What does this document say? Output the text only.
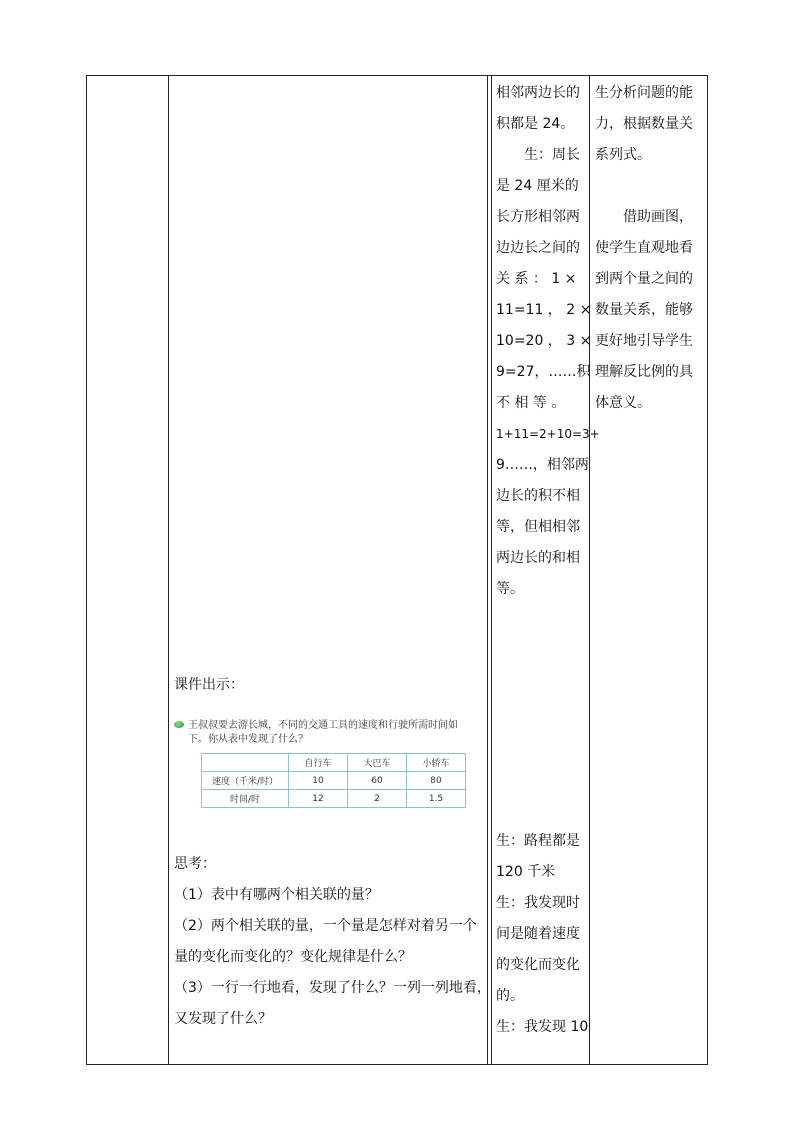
相邻两边长的
积都是 24。
生：周长
是 24 厘米的
长方形相邻两
边边长之间的
关 系 ： 1 ×
11=11 ， 2 ×
10=20 ， 3 ×
9=27，……积
不 相 等 。
1+11=2+10=3+
9……，相邻两
边长的积不相
等，但相相邻
两边长的和相
等。
生：路程都是
120 千米
生：我发现时
间是随着速度
的变化而变化
的。
生：我发现 10
生分析问题的能
力，根据数量关
系列式。

借助画图，
使学生直观地看
到两个量之间的
数量关系，能够
更好地引导学生
理解反比例的具
体意义。
课件出示：
王叔叔要去游长城，不同的交通工具的速度和行驶所需时间如下。你从表中发现了什么？
	自行车	大巴车	小轿车
速度（千米/时）	10	60	80
时间/时	12	2	1.5
思考：
（1）表中有哪两个相关联的量？
（2）两个相关联的量，一个量是怎样对着另一个
量的变化而变化的？变化规律是什么？
（3）一行一行地看，发现了什么？一列一列地看，
又发现了什么？
